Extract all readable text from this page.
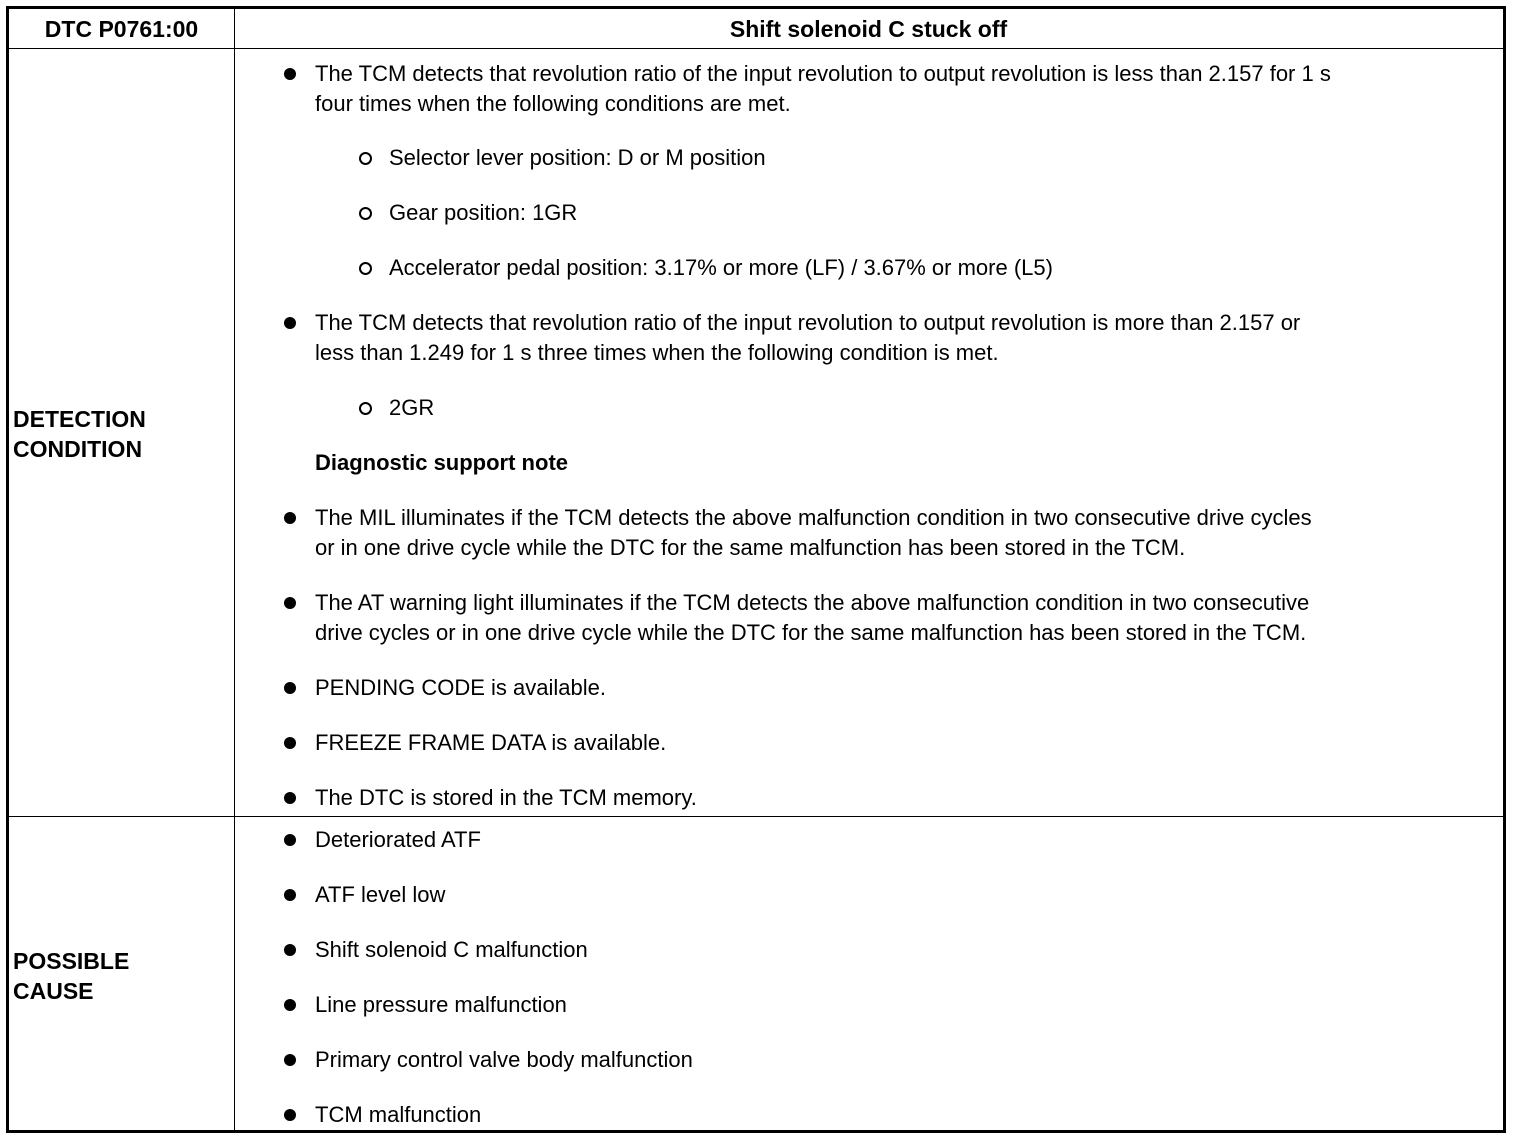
DTC P0761:00	Shift solenoid C stuck off
DETECTION CONDITION
The TCM detects that revolution ratio of the input revolution to output revolution is less than 2.157 for 1 s
four times when the following conditions are met.
Selector lever position: D or M position
Gear position: 1GR
Accelerator pedal position: 3.17% or more (LF) / 3.67% or more (L5)
The TCM detects that revolution ratio of the input revolution to output revolution is more than 2.157 or
less than 1.249 for 1 s three times when the following condition is met.
2GR
Diagnostic support note
The MIL illuminates if the TCM detects the above malfunction condition in two consecutive drive cycles
or in one drive cycle while the DTC for the same malfunction has been stored in the TCM.
The AT warning light illuminates if the TCM detects the above malfunction condition in two consecutive
drive cycles or in one drive cycle while the DTC for the same malfunction has been stored in the TCM.
PENDING CODE is available.
FREEZE FRAME DATA is available.
The DTC is stored in the TCM memory.
POSSIBLE CAUSE
Deteriorated ATF
ATF level low
Shift solenoid C malfunction
Line pressure malfunction
Primary control valve body malfunction
TCM malfunction
